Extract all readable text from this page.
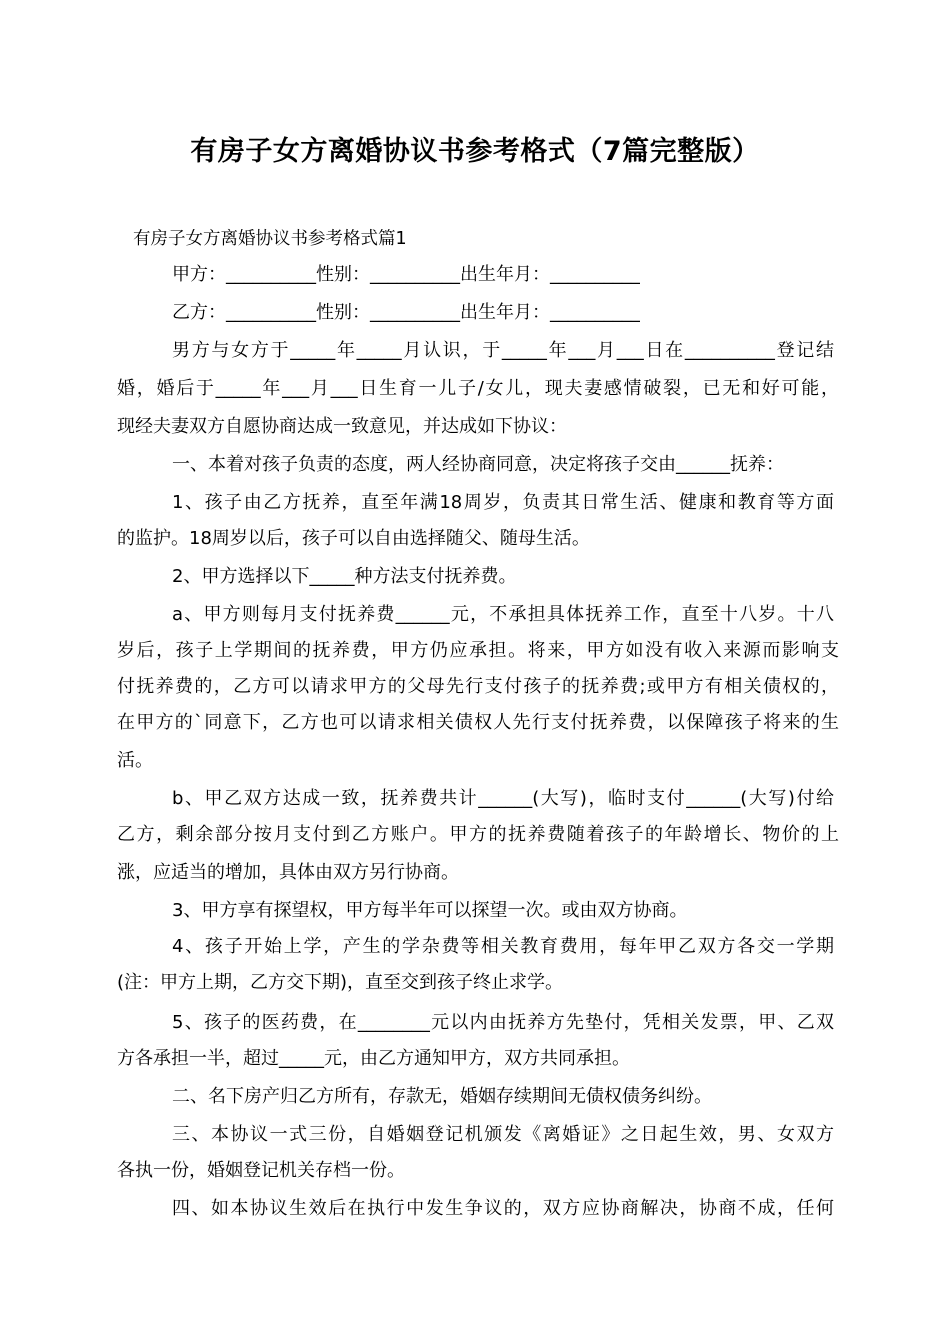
有房子女方离婚协议书参考格式（7篇完整版）
有房子女方离婚协议书参考格式篇1
甲方：__________性别：__________出生年月：__________
乙方：__________性别：__________出生年月：__________
男方与女方于_____年_____月认识，于_____年___月___日在__________登记结
婚，婚后于_____年___月___日生育一儿子/女儿，现夫妻感情破裂，已无和好可能，
现经夫妻双方自愿协商达成一致意见，并达成如下协议：
一、本着对孩子负责的态度，两人经协商同意，决定将孩子交由______抚养：
1、孩子由乙方抚养，直至年满18周岁，负责其日常生活、健康和教育等方面
的监护。18周岁以后，孩子可以自由选择随父、随母生活。
2、甲方选择以下_____种方法支付抚养费。
a、甲方则每月支付抚养费______元，不承担具体抚养工作，直至十八岁。十八
岁后，孩子上学期间的抚养费，甲方仍应承担。将来，甲方如没有收入来源而影响支
付抚养费的，乙方可以请求甲方的父母先行支付孩子的抚养费;或甲方有相关债权的，
在甲方的`同意下，乙方也可以请求相关债权人先行支付抚养费，以保障孩子将来的生
活。
b、甲乙双方达成一致，抚养费共计______(大写)，临时支付______(大写)付给
乙方，剩余部分按月支付到乙方账户。甲方的抚养费随着孩子的年龄增长、物价的上
涨，应适当的增加，具体由双方另行协商。
3、甲方享有探望权，甲方每半年可以探望一次。或由双方协商。
4、孩子开始上学，产生的学杂费等相关教育费用，每年甲乙双方各交一学期
(注：甲方上期，乙方交下期)，直至交到孩子终止求学。
5、孩子的医药费，在________元以内由抚养方先垫付，凭相关发票，甲、乙双
方各承担一半，超过_____元，由乙方通知甲方，双方共同承担。
二、名下房产归乙方所有，存款无，婚姻存续期间无债权债务纠纷。
三、本协议一式三份，自婚姻登记机颁发《离婚证》之日起生效，男、女双方
各执一份，婚姻登记机关存档一份。
四、如本协议生效后在执行中发生争议的，双方应协商解决，协商不成，任何
